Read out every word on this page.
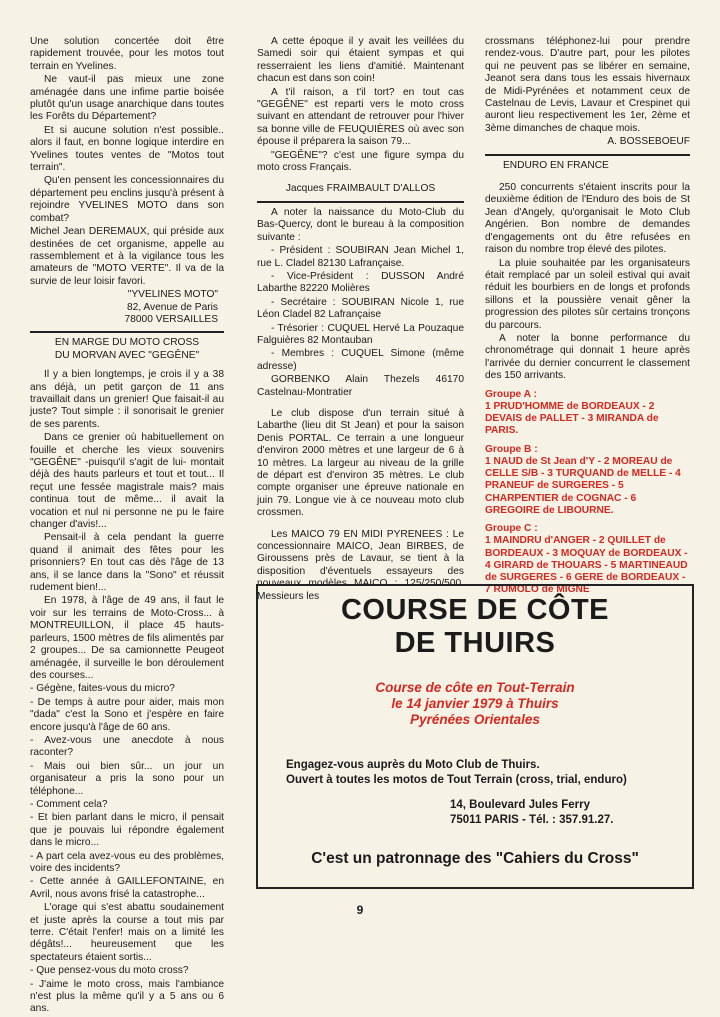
Une solution concertée doit être rapidement trouvée, pour les motos tout terrain en Yvelines.

Ne vaut-il pas mieux une zone aménagée dans une infime partie boisée plutôt qu'un usage anarchique dans toutes les Forêts du Département?

Et si aucune solution n'est possible.. alors il faut, en bonne logique interdire en Yvelines toutes ventes de "Motos tout terrain".

Qu'en pensent les concessionnaires du département peu enclins jusqu'à présent à rejoindre YVELINES MOTO dans son combat?

Michel Jean DEREMAUX, qui préside aux destinées de cet organisme, appelle au rassemblement et à la vigilance tous les amateurs de "MOTO VERTE". Il va de la survie de leur loisir favori.

"YVELINES MOTO"
82, Avenue de Paris
78000 VERSAILLES
EN MARGE DU MOTO CROSS
DU MORVAN AVEC "GEGÊNE"

Il y a bien longtemps, je crois il y a 38 ans déjà, un petit garçon de 11 ans travaillait dans un grenier! Que faisait-il au juste? Tout simple : il sonorisait le grenier de ses parents.

Dans ce grenier où habituellement on fouille et cherche les vieux souvenirs "GEGÊNE" -puisqu'il s'agit de lui- montait déjà des hauts parleurs et tout et tout... Il reçut une fessée magistrale mais? mais continua tout de même... il avait la vocation et nul ni personne ne pu le faire changer d'avis!...

Pensait-il à cela pendant la guerre quand il animait des fêtes pour les prisonniers? En tout cas dès l'âge de 13 ans, il se lance dans la "Sono" et réussit rudement bien!...

En 1978, à l'âge de 49 ans, il faut le voir sur les terrains de Moto-Cross... à MONTREUILLON, il place 45 hauts-parleurs, 1500 mètres de fils alimentés par 2 groupes... De sa camionnette Peugeot aménagée, il surveille le bon déroulement des courses...

- Gégène, faites-vous du micro?

- De temps à autre pour aider, mais mon "dada" c'est la Sono et j'espère en faire encore jusqu'à l'âge de 60 ans.

- Avez-vous une anecdote à nous raconter?

- Mais oui bien sûr... un jour un organisateur a pris la sono pour un téléphone...

- Comment cela?

- Et bien parlant dans le micro, il pensait que je pouvais lui répondre également dans le micro...

- A part cela avez-vous eu des problèmes, voire des incidents?

- Cette année à GAILLEFONTAINE, en Avril, nous avons frisé la catastrophe...

L'orage qui s'est abattu soudainement et juste après la course a tout mis par terre. C'était l'enfer! mais on a limité les dégâts!... heureusement que les spectateurs étaient sortis...

- Que pensez-vous du moto cross?

- J'aime le moto cross, mais l'ambiance n'est plus la même qu'il y a 5 ans ou 6 ans.

A cette époque il y avait les veillées du Samedi soir qui étaient sympas et qui resserraient les liens d'amitié. Maintenant chacun est dans son coin!

A t'il raison, a t'il tort? en tout cas "GEGÊNE" est reparti vers le moto cross suivant en attendant de retrouver pour l'hiver sa bonne ville de FEUQUIÈRES où avec son épouse il préparera la saison 79...

"GEGÊNE"? c'est une figure sympa du moto cross Français.

Jacques FRAIMBAULT D'ALLOS

A noter la naissance du Moto-Club du Bas-Quercy, dont le bureau à la composition suivante :

- Président : SOUBIRAN Jean Michel 1, rue L. Cladel 82130 Lafrançaise.

- Vice-Président : DUSSON André Labarthe 82220 Molières

- Secrétaire : SOUBIRAN Nicole 1, rue Léon Cladel 82 Lafrançaise

- Trésorier : CUQUEL Hervé La Pouzaque Falguières 82 Montauban

- Membres : CUQUEL Simone (même adresse)

GORBENKO Alain Thezels 46170 Castelnau-Montratier

Le club dispose d'un terrain situé à Labarthe (lieu dit St Jean) et pour la saison Denis PORTAL. Ce terrain a une longueur d'environ 2000 mètres et une largeur de 6 à 10 mètres. La largeur au niveau de la grille de départ est d'environ 35 mètres. Le club compte organiser une épreuve nationale en juin 79. Longue vie à ce nouveau moto club crossmen.

Les MAICO 79 EN MIDI PYRENEES : Le concessionnaire MAICO, Jean BIRBES, de Giroussens près de Lavaur, se tient à la disposition d'éventuels essayeurs des nouveaux modèles MAICO : 125/250/500. Messieurs les

crossmans téléphonez-lui pour prendre rendez-vous. D'autre part, pour les pilotes qui ne peuvent pas se libérer en semaine, Jeanot sera dans tous les essais hivernaux de Midi-Pyrénées et notamment ceux de Castelnau de Levis, Lavaur et Crespinet qui auront lieu respectivement les 1er, 2ème et 3ème dimanches de chaque mois.

A. BOSSEBOEUF

ENDURO EN FRANCE

250 concurrents s'étaient inscrits pour la deuxième édition de l'Enduro des bois de St Jean d'Angely, qu'organisait le Moto Club Angérien. Bon nombre de demandes d'engagements ont du être refusées en raison du nombre trop élevé des pilotes.

La pluie souhaitée par les organisateurs était remplacé par un soleil estival qui avait réduit les bourbiers en de longs et profonds sillons et la poussière venait gêner la progression des pilotes sûr certains tronçons du parcours.

A noter la bonne performance du chronométrage qui donnait 1 heure après l'arrivée du dernier concurrent le classement des 150 arrivants.

Groupe A :
1 PRUD'HOMME de BORDEAUX - 2 DEVAIS de PALLET - 3 MIRANDA de PARIS.
Groupe B :
1 NAUD de St Jean d'Y - 2 MOREAU de CELLE S/B - 3 TURQUAND de MELLE - 4 PRANEUF de SURGERES - 5 CHARPENTIER de COGNAC - 6 GREGOIRE de LIBOURNE.
Groupe C :
1 MAINDRU d'ANGER - 2 QUILLET de BORDEAUX - 3 MOQUAY de BORDEAUX - 4 GIRARD de THOUARS - 5 MARTINEAUD de SURGERES - 6 GERE de BORDEAUX - 7 RUMOLO de MIGNE
COURSE DE CÔTE
DE THUIRS
Course de côte en Tout-Terrain
le 14 janvier 1979 à Thuirs
Pyrénées Orientales
Engagez-vous auprès du Moto Club de Thuirs.
Ouvert à toutes les motos de Tout Terrain (cross, trial, enduro)
14, Boulevard Jules Ferry
75011 PARIS - Tél. : 357.91.27.
C'est un patronnage des "Cahiers du Cross"
9
